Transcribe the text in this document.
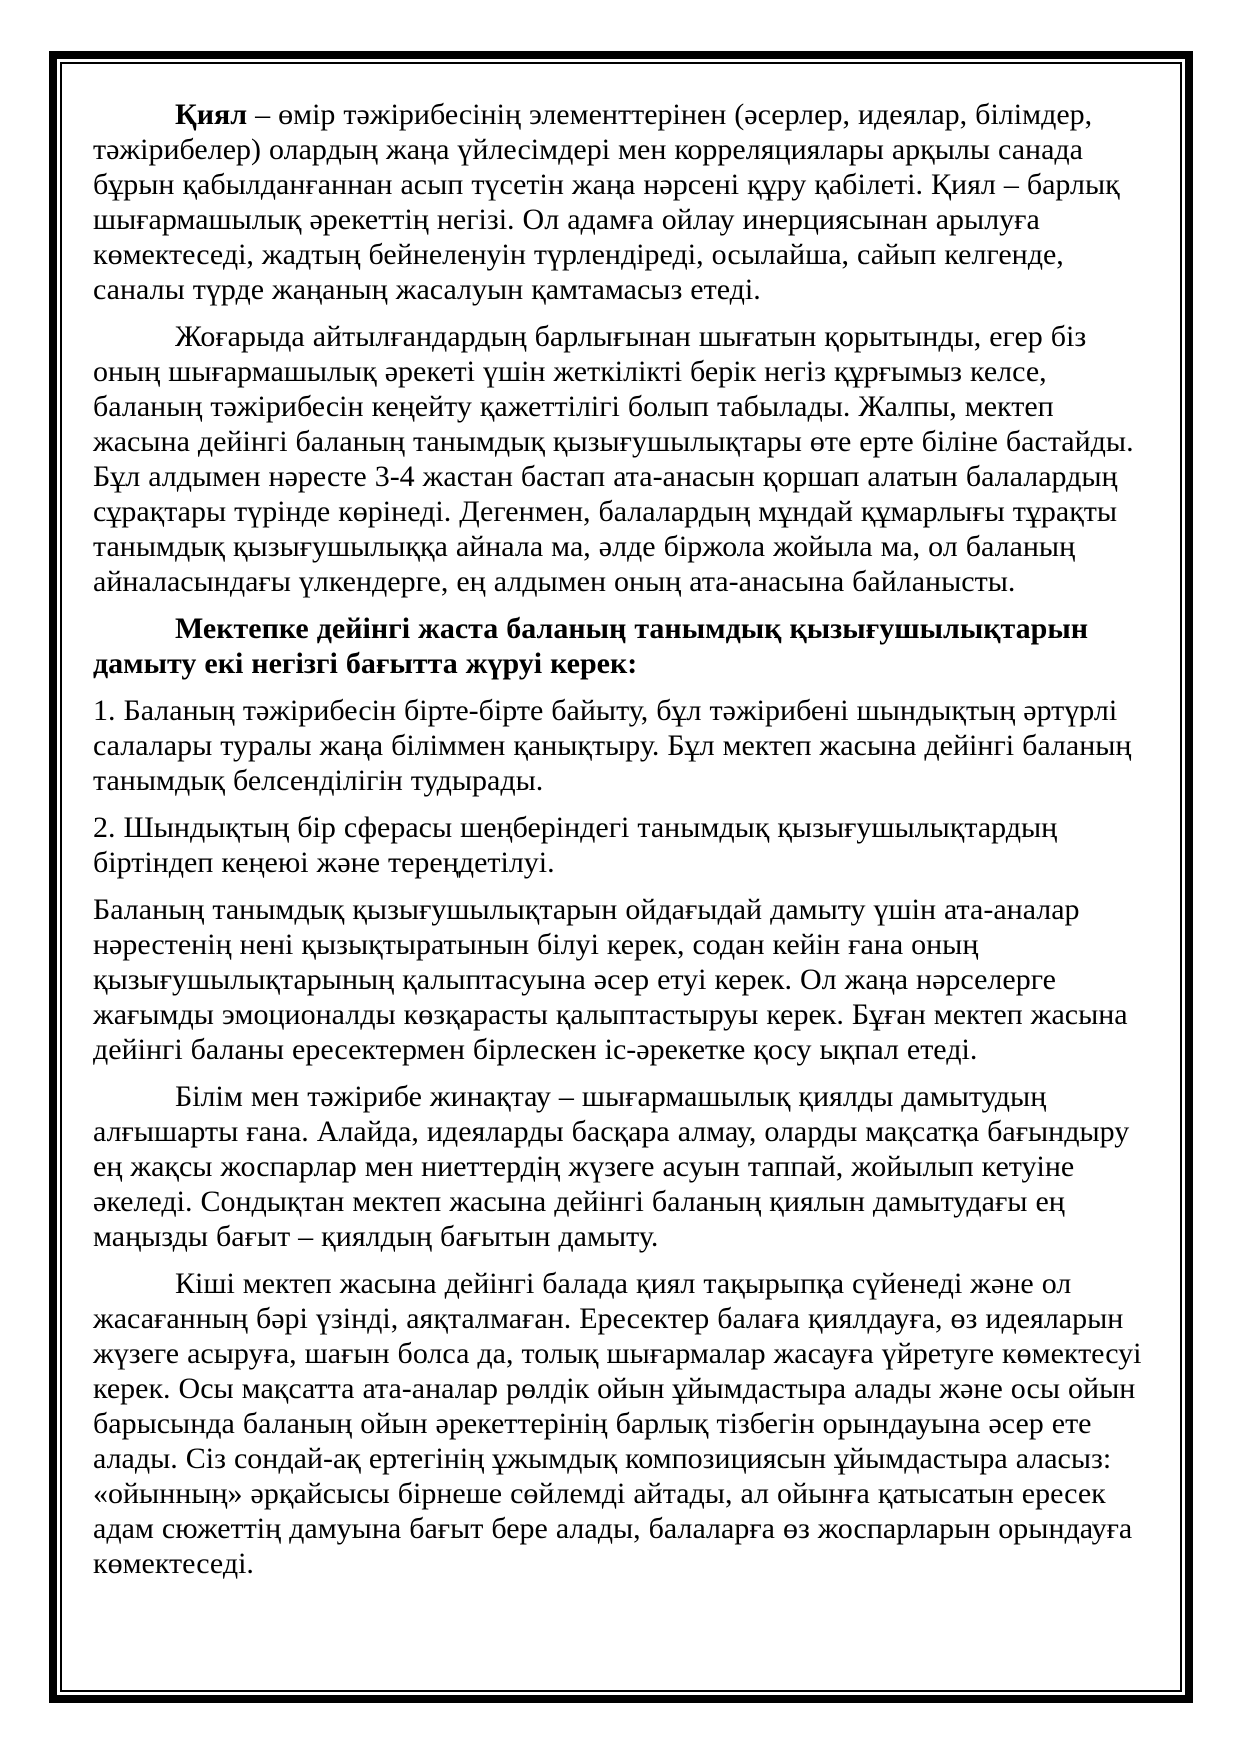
Қиял – өмір тәжірибесінің элементтерінен (әсерлер, идеялар, білімдер, тәжірибелер) олардың жаңа үйлесімдері мен корреляциялары арқылы санада бұрын қабылданғаннан асып түсетін жаңа нәрсені құру қабілеті. Қиял – барлық шығармашылық әрекеттің негізі. Ол адамға ойлау инерциясынан арылуға көмектеседі, жадтың бейнеленуін түрлендіреді, осылайша, сайып келгенде, саналы түрде жаңаның жасалуын қамтамасыз етеді.

Жоғарыда айтылғандардың барлығынан шығатын қорытынды, егер біз оның шығармашылық әрекеті үшін жеткілікті берік негіз құрғымыз келсе, баланың тәжірибесін кеңейту қажеттілігі болып табылады. Жалпы, мектеп жасына дейінгі баланың танымдық қызығушылықтары өте ерте біліне бастайды. Бұл алдымен нәресте 3-4 жастан бастап ата-анасын қоршап алатын балалардың сұрақтары түрінде көрінеді. Дегенмен, балалардың мұндай құмарлығы тұрақты танымдық қызығушылыққа айнала ма, әлде біржола жойыла ма, ол баланың айналасындағы үлкендерге, ең алдымен оның ата-анасына байланысты.

Мектепке дейінгі жаста баланың танымдық қызығушылықтарын дамыту екі негізгі бағытта жүруі керек:

1. Баланың тәжірибесін бірте-бірте байыту, бұл тәжірибені шындықтың әртүрлі салалары туралы жаңа біліммен қанықтыру. Бұл мектеп жасына дейінгі баланың танымдық белсенділігін тудырады.

2. Шындықтың бір сферасы шеңберіндегі танымдық қызығушылықтардың біртіндеп кеңеюі және тереңдетілуі.

Баланың танымдық қызығушылықтарын ойдағыдай дамыту үшін ата-аналар нәрестенің нені қызықтыратынын білуі керек, содан кейін ғана оның қызығушылықтарының қалыптасуына әсер етуі керек. Ол жаңа нәрселерге жағымды эмоционалды көзқарасты қалыптастыруы керек. Бұған мектеп жасына дейінгі баланы ересектермен бірлескен іс-әрекетке қосу ықпал етеді.

Білім мен тәжірибе жинақтау – шығармашылық қиялды дамытудың алғышарты ғана. Алайда, идеяларды басқара алмау, оларды мақсатқа бағындыру ең жақсы жоспарлар мен ниеттердің жүзеге асуын таппай, жойылып кетуіне әкеледі. Сондықтан мектеп жасына дейінгі баланың қиялын дамытудағы ең маңызды бағыт – қиялдың бағытын дамыту.

Кіші мектеп жасына дейінгі балада қиял тақырыпқа сүйенеді және ол жасағанның бәрі үзінді, аяқталмаған. Ересектер балаға қиялдауға, өз идеяларын жүзеге асыруға, шағын болса да, толық шығармалар жасауға үйретуге көмектесуі керек. Осы мақсатта ата-аналар рөлдік ойын ұйымдастыра алады және осы ойын барысында баланың ойын әрекеттерінің барлық тізбегін орындауына әсер ете алады. Сіз сондай-ақ ертегінің ұжымдық композициясын ұйымдастыра аласыз: «ойынның» әрқайсысы бірнеше сөйлемді айтады, ал ойынға қатысатын ересек адам сюжеттің дамуына бағыт бере алады, балаларға өз жоспарларын орындауға көмектеседі.
